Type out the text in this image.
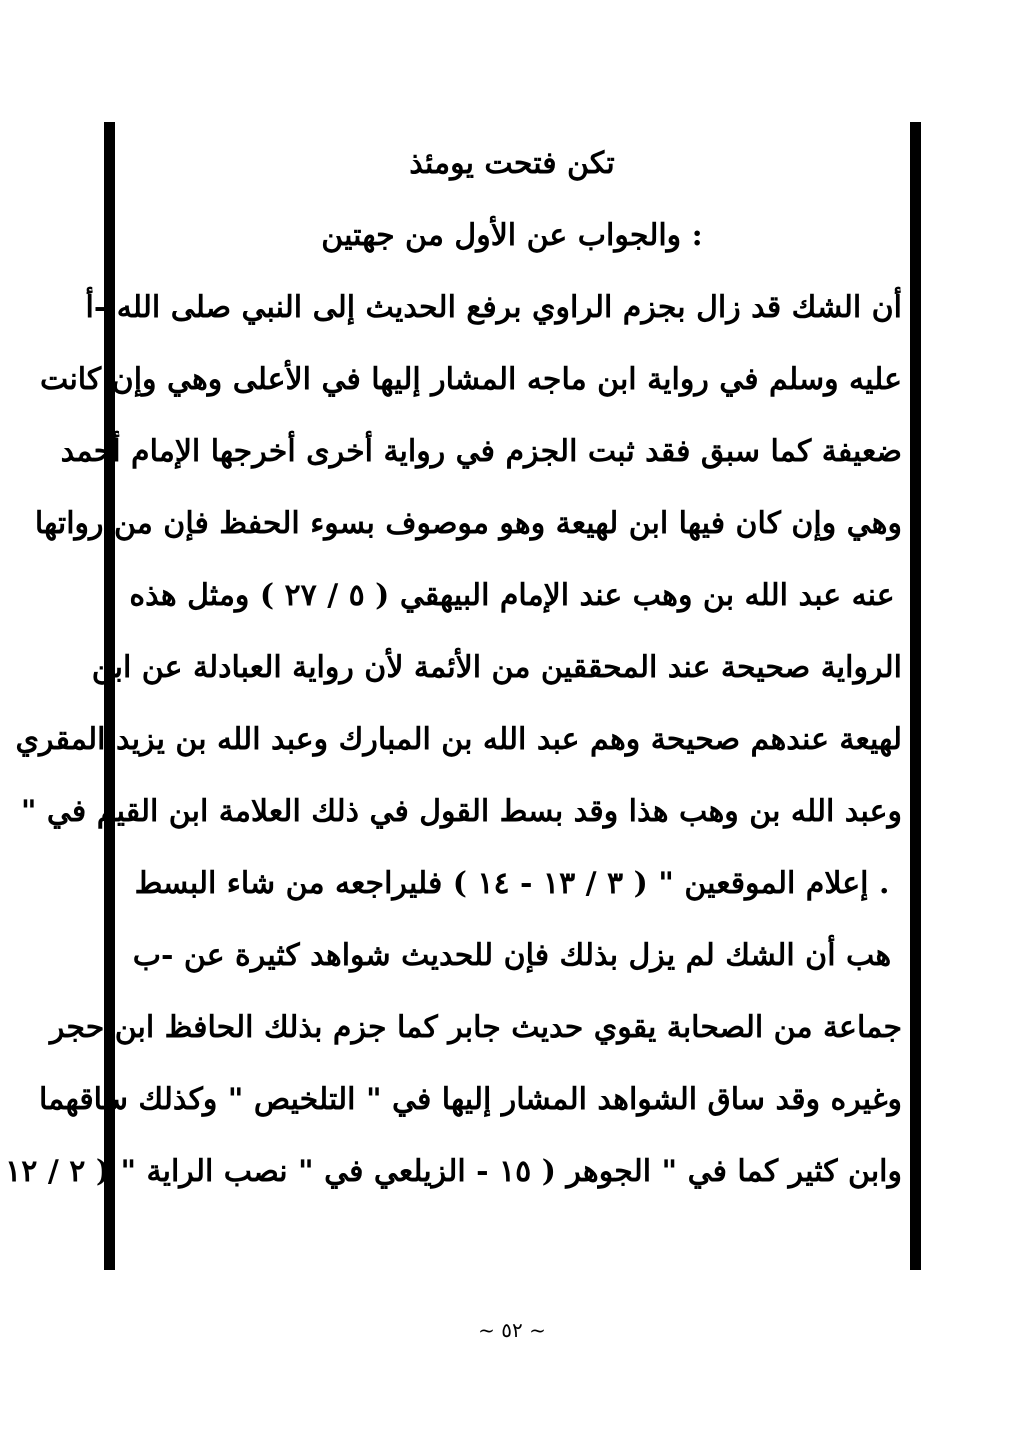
تكن فتحت يومئذ
: والجواب عن الأول من جهتين
أن الشك قد زال بجزم الراوي برفع الحديث إلى النبي صلى الله -أ
عليه وسلم في رواية ابن ماجه المشار إليها في الأعلى وهي وإن كانت
ضعيفة كما سبق فقد ثبت الجزم في رواية أخرى أخرجها الإمام أحمد
وهي وإن كان فيها ابن لهيعة وهو موصوف بسوء الحفظ فإن من رواتها
عنه عبد الله بن وهب عند الإمام البيهقي ( ٥ / ٢٧ ) ومثل هذه
الرواية صحيحة عند المحققين من الأئمة لأن رواية العبادلة عن ابن
لهيعة عندهم صحيحة وهم عبد الله بن المبارك وعبد الله بن يزيد المقري
وعبد الله بن وهب هذا وقد بسط القول في ذلك العلامة ابن القيم في "
. إعلام الموقعين " ( ٣ / ١٣ - ١٤ ) فليراجعه من شاء البسط
هب أن الشك لم يزل بذلك فإن للحديث شواهد كثيرة عن -ب
جماعة من الصحابة يقوي حديث جابر كما جزم بذلك الحافظ ابن حجر
وغيره وقد ساق الشواهد المشار إليها في " التلخيص " وكذلك ساقهما
وابن كثير كما في " الجوهر ( ١٥ - الزيلعي في " نصب الراية " ( ٢ / ١٢
~ ٥٢ ~
